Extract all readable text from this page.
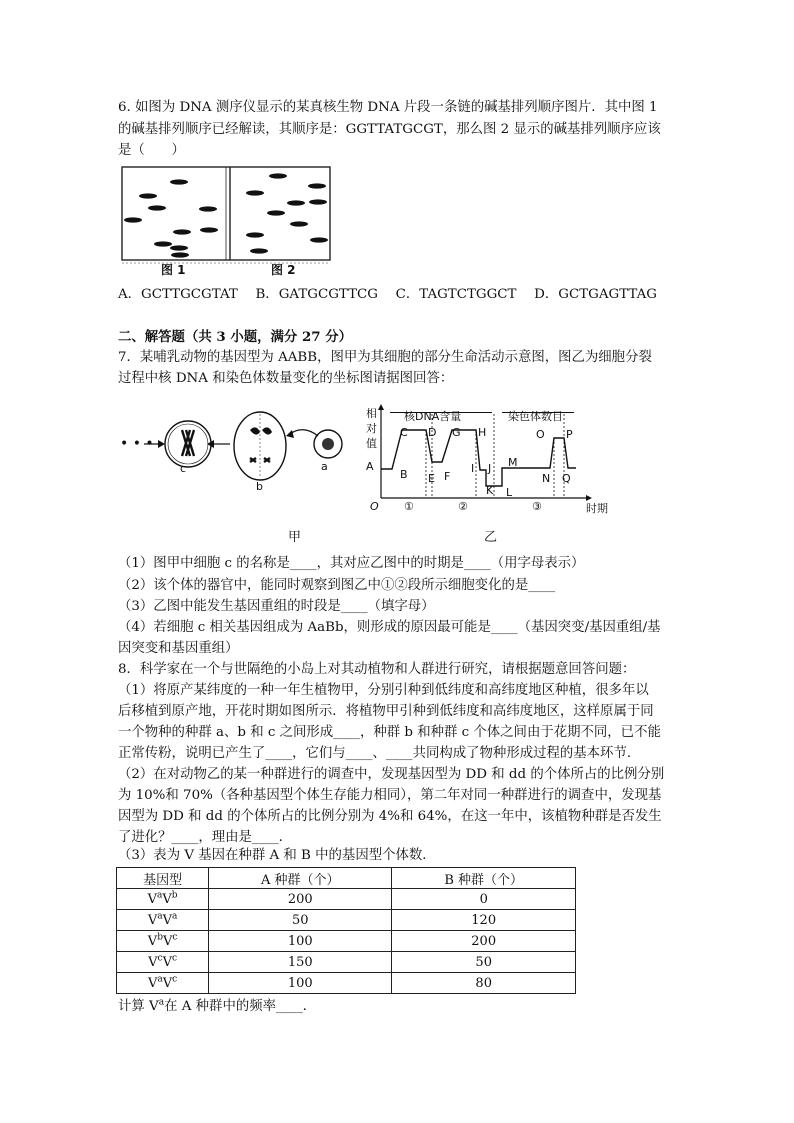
6. 如图为 DNA 测序仪显示的某真核生物 DNA 片段一条链的碱基排列顺序图片．其中图 1
的碱基排列顺序已经解读，其顺序是：GGTTATGCGT，那么图 2 显示的碱基排列顺序应该
是（　　）
图 1	图 2
A．GCTTGCGTAT　 B．GATGCGTTCG　 C．TAGTCTGGCT　 D．GCTGAGTTAG
二、解答题（共 3 小题，满分 27 分）
7．某哺乳动物的基因型为 AABB，图甲为其细胞的部分生命活动示意图，图乙为细胞分裂
过程中核 DNA 和染色体数量变化的坐标图请据图回答：
• • •
c
b
a
甲
相
对
值
核DNA含量	染色体数目
A
B
C D
E F
G H
I J
K L
M
N
O P
Q
O ①	②	③	时期
乙
（1）图甲中细胞 c 的名称是____，其对应乙图中的时期是____（用字母表示）
（2）该个体的器官中，能同时观察到图乙中①②段所示细胞变化的是____
（3）乙图中能发生基因重组的时段是____（填字母）
（4）若细胞 c 相关基因组成为 AaBb，则形成的原因最可能是____（基因突变/基因重组/基
因突变和基因重组）
8．科学家在一个与世隔绝的小岛上对其动植物和人群进行研究，请根据题意回答问题：
（1）将原产某纬度的一种一年生植物甲，分别引种到低纬度和高纬度地区种植，很多年以
后移植到原产地，开花时期如图所示．将植物甲引种到低纬度和高纬度地区，这样原属于同
一个物种的种群 a、b 和 c 之间形成____，种群 b 和种群 c 个体之间由于花期不同，已不能
正常传粉，说明已产生了____，它们与____、____共同构成了物种形成过程的基本环节．
（2）在对动物乙的某一种群进行的调查中，发现基因型为 DD 和 dd 的个体所占的比例分别
为 10%和 70%（各种基因型个体生存能力相同），第二年对同一种群进行的调查中，发现基
因型为 DD 和 dd 的个体所占的比例分别为 4%和 64%，在这一年中，该植物种群是否发生
了进化？____，理由是____．
（3）表为 V 基因在种群 A 和 B 中的基因型个体数．
基因型	A 种群（个）	B 种群（个）
$V^aV^b$	200	0
$V^aV^a$	50	120
$V^bV^c$	100	200
$V^cV^c$	150	50
$V^aV^c$	100	80
计算 $V^a$在 A 种群中的频率____．
